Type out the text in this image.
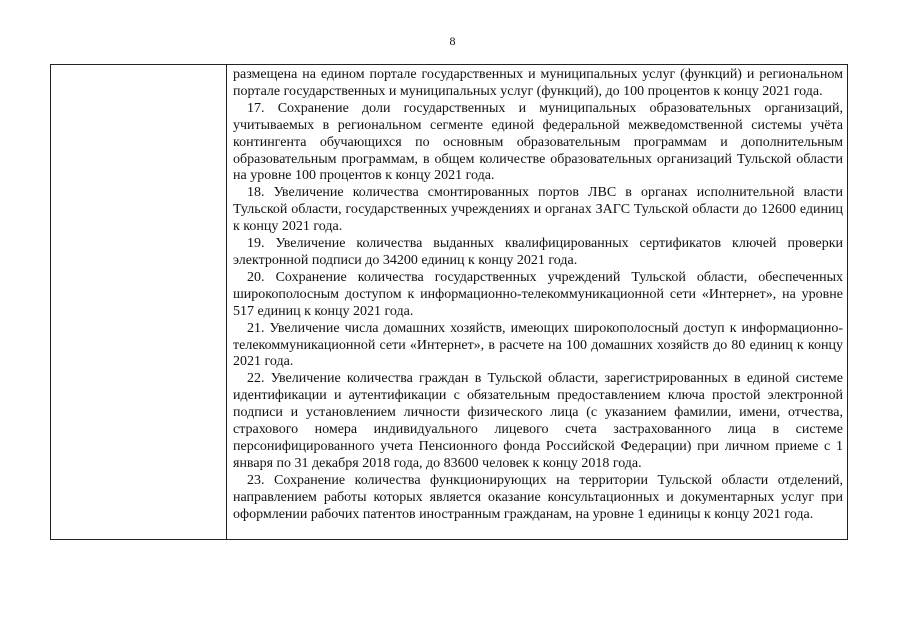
8

размещена на едином портале государственных и муниципальных услуг (функций) и региональном портале государственных и муниципальных услуг (функций), до 100 процентов к концу 2021 года.

17. Сохранение доли государственных и муниципальных образовательных организаций, учитываемых в региональном сегменте единой федеральной межведомственной системы учёта контингента обучающихся по основным образовательным программам и дополнительным образовательным программам, в общем количестве образовательных организаций Тульской области на уровне 100 процентов к концу 2021 года.

18. Увеличение количества смонтированных портов ЛВС в органах исполнительной власти Тульской области, государственных учреждениях и органах ЗАГС Тульской области до 12600 единиц к концу 2021 года.

19. Увеличение количества выданных квалифицированных сертификатов ключей проверки электронной подписи до 34200 единиц к концу 2021 года.

20. Сохранение количества государственных учреждений Тульской области, обеспеченных широкополосным доступом к информационно-телекоммуникационной сети «Интернет», на уровне 517 единиц к концу 2021 года.

21. Увеличение числа домашних хозяйств, имеющих широкополосный доступ к информационно-телекоммуникационной сети «Интернет», в расчете на 100 домашних хозяйств до 80 единиц к концу 2021 года.

22. Увеличение количества граждан в Тульской области, зарегистрированных в единой системе идентификации и аутентификации с обязательным предоставлением ключа простой электронной подписи и установлением личности физического лица (с указанием фамилии, имени, отчества, страхового номера индивидуального лицевого счета застрахованного лица в системе персонифицированного учета Пенсионного фонда Российской Федерации) при личном приеме с 1 января по 31 декабря 2018 года, до 83600 человек к концу 2018 года.

23. Сохранение количества функционирующих на территории Тульской области отделений, направлением работы которых является оказание консультационных и документарных услуг при оформлении рабочих патентов иностранным гражданам, на уровне 1 единицы к концу 2021 года.
